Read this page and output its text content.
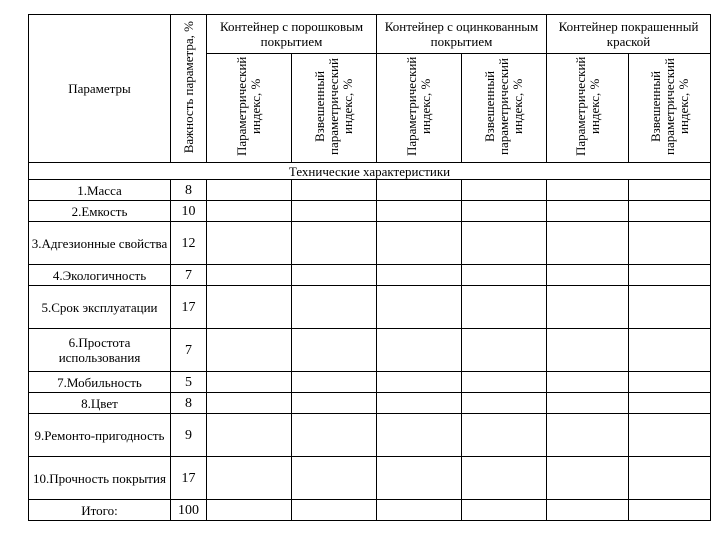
Параметры	Важность параметра, %	Контейнер с порошковым покрытием		Контейнер с оцинкованным покрытием		Контейнер покрашенный краской	
		Параметрический индекс, %	Взвешенный параметрический индекс, %	Параметрический индекс, %	Взвешенный параметрический индекс, %	Параметрический индекс, %	Взвешенный параметрический индекс, %
Технические характеристики							
1.Масса	8						
2.Емкость	10						
3.Адгезионные свойства	12						
4.Экологичность	7						
5.Срок эксплуатации	17						
6.Простота использования	7						
7.Мобильность	5						
8.Цвет	8						
9.Ремонто-пригодность	9						
10.Прочность покрытия	17						
Итого:	100						
